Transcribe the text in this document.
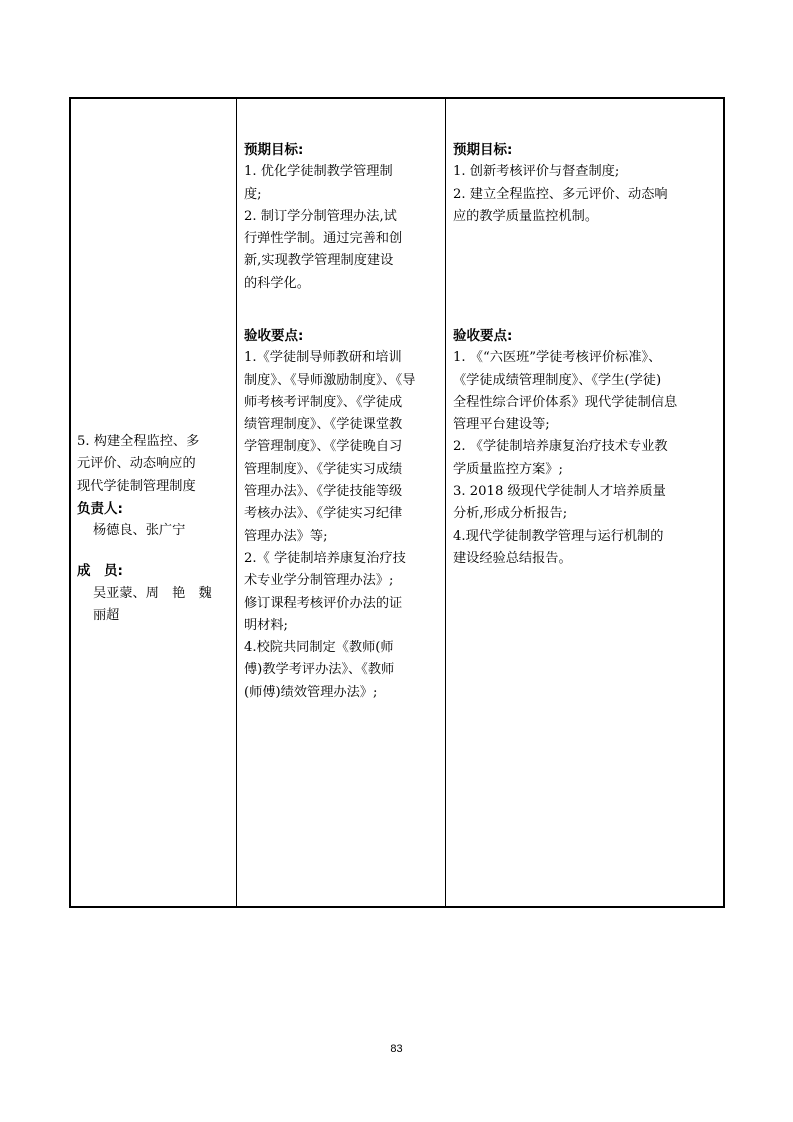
5. 构建全程监控、多
元评价、动态响应的
现代学徒制管理制度
负责人:
杨德良、张广宁
成　员:
吴亚蒙、周　艳　魏
丽超
预期目标:
1. 优化学徒制教学管理制
度;
2. 制订学分制管理办法,试
行弹性学制。通过完善和创
新,实现教学管理制度建设
的科学化。
验收要点:
1.《学徒制导师教研和培训
制度》、《导师激励制度》、《导
师考核考评制度》、《学徒成
绩管理制度》、《学徒课堂教
学管理制度》、《学徒晚自习
管理制度》、《学徒实习成绩
管理办法》、《学徒技能等级
考核办法》、《学徒实习纪律
管理办法》等;
2.《 学徒制培养康复治疗技
术专业学分制管理办法》;
修订课程考核评价办法的证
明材料;
4.校院共同制定《教师(师
傅)教学考评办法》、《教师
(师傅)绩效管理办法》;
预期目标:
1. 创新考核评价与督查制度;
2. 建立全程监控、多元评价、动态响
应的教学质量监控机制。
验收要点:
1. 《“六医班”学徒考核评价标准》、
《学徒成绩管理制度》、《学生(学徒)
全程性综合评价体系》现代学徒制信息
管理平台建设等;
2. 《学徒制培养康复治疗技术专业教
学质量监控方案》;
3. 2018 级现代学徒制人才培养质量
分析,形成分析报告;
4.现代学徒制教学管理与运行机制的
建设经验总结报告。
83
